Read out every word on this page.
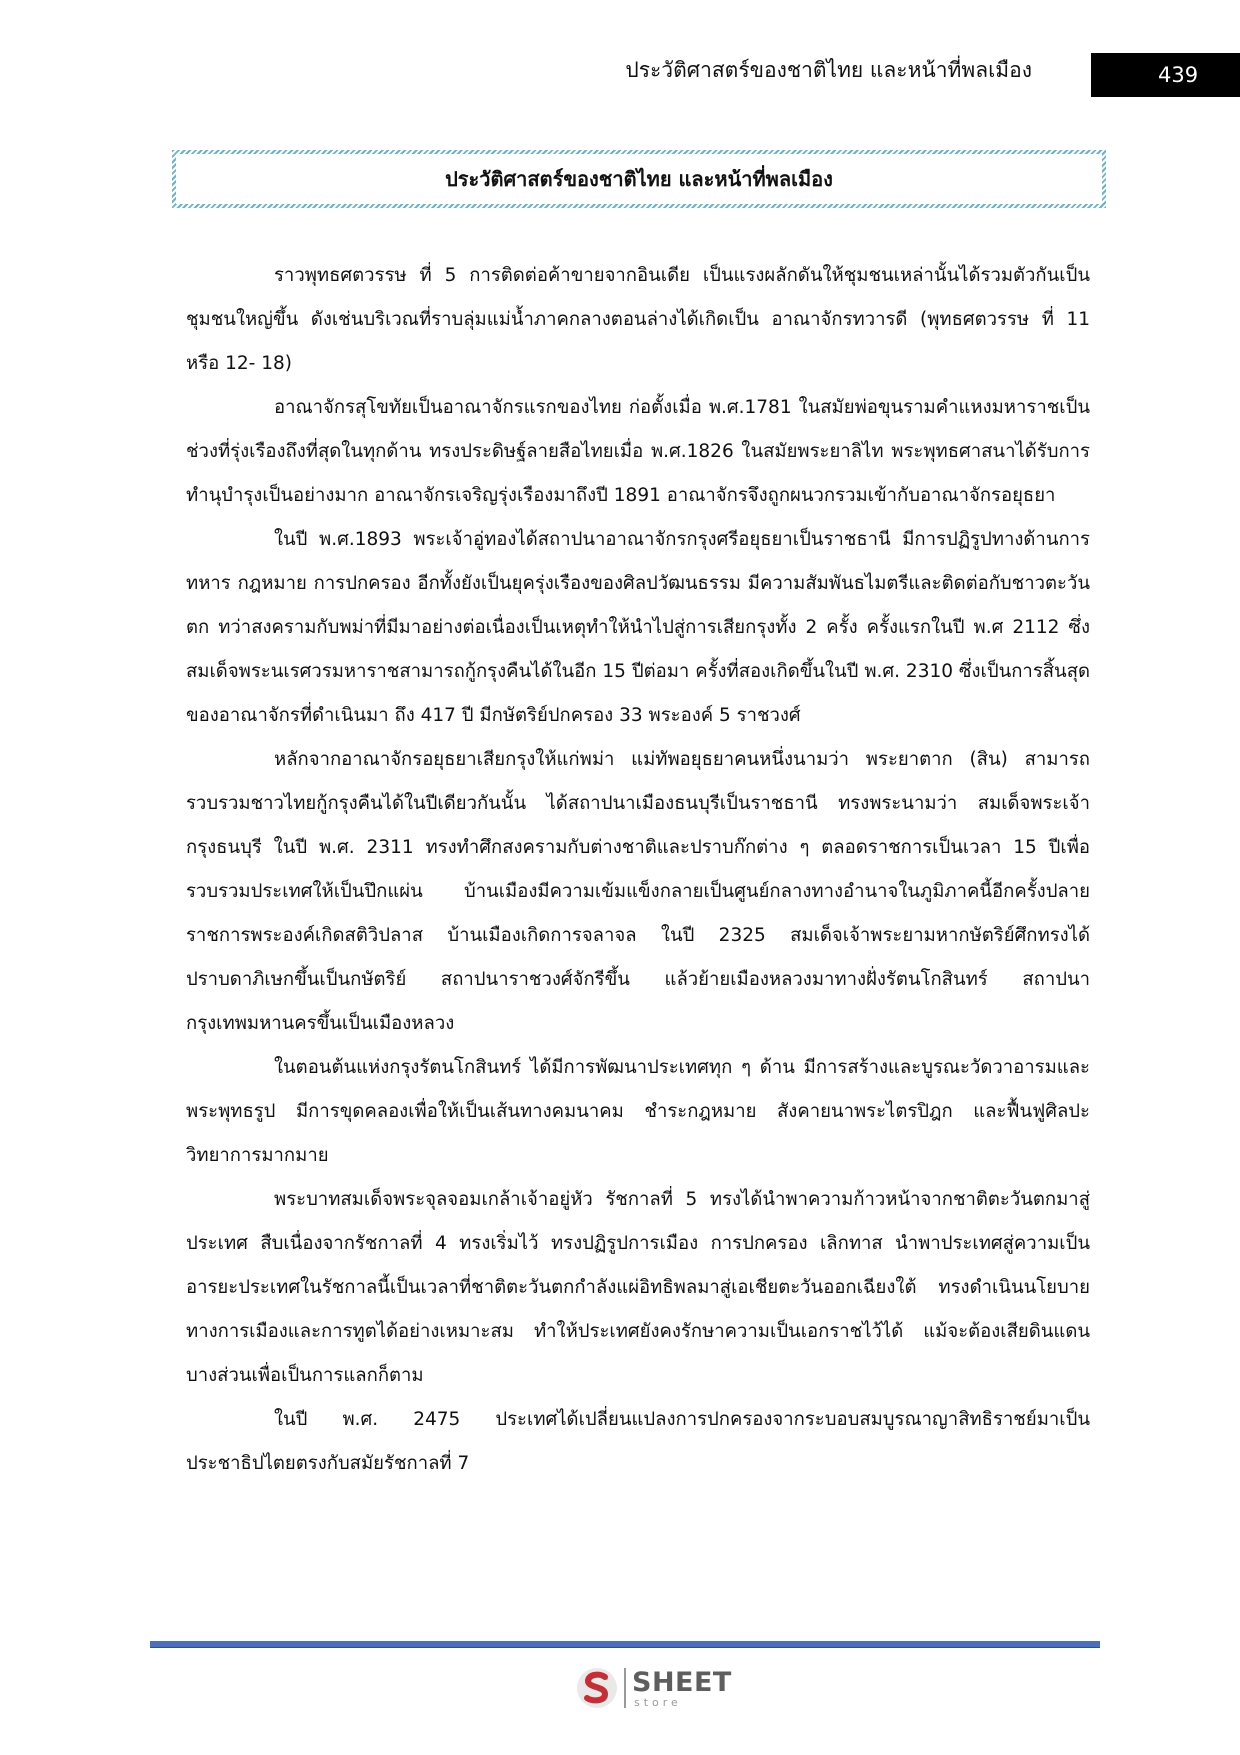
ประวัติศาสตร์ของชาติไทย และหน้าที่พลเมือง	439
ประวัติศาสตร์ของชาติไทย และหน้าที่พลเมือง

ราวพุทธศตวรรษ ที่ 5 การติดต่อค้าขายจากอินเดีย เป็นแรงผลักดันให้ชุมชนเหล่านั้นได้รวมตัวกันเป็นชุมชนใหญ่ขึ้น ดังเช่นบริเวณที่ราบลุ่มแม่น้ำภาคกลางตอนล่างได้เกิดเป็น อาณาจักรทวารดี (พุทธศตวรรษ ที่ 11 หรือ 12- 18)

อาณาจักรสุโขทัยเป็นอาณาจักรแรกของไทย ก่อตั้งเมื่อ พ.ศ.1781 ในสมัยพ่อขุนรามคำแหงมหาราชเป็นช่วงที่รุ่งเรืองถึงที่สุดในทุกด้าน ทรงประดิษฐ์ลายสือไทยเมื่อ พ.ศ.1826 ในสมัยพระยาลิไท พระพุทธศาสนาได้รับการทำนุบำรุงเป็นอย่างมาก อาณาจักรเจริญรุ่งเรืองมาถึงปี 1891 อาณาจักรจึงถูกผนวกรวมเข้ากับอาณาจักรอยุธยา

ในปี พ.ศ.1893 พระเจ้าอู่ทองได้สถาปนาอาณาจักรกรุงศรีอยุธยาเป็นราชธานี มีการปฏิรูปทางด้านการทหาร กฎหมาย การปกครอง อีกทั้งยังเป็นยุครุ่งเรืองของศิลปวัฒนธรรม มีความสัมพันธไมตรีและติดต่อกับชาวตะวันตก ทว่าสงครามกับพม่าที่มีมาอย่างต่อเนื่องเป็นเหตุทำให้นำไปสู่การเสียกรุงทั้ง 2 ครั้ง ครั้งแรกในปี พ.ศ 2112 ซึ่งสมเด็จพระนเรศวรมหาราชสามารถกู้กรุงคืนได้ในอีก 15 ปีต่อมา ครั้งที่สองเกิดขึ้นในปี พ.ศ. 2310 ซึ่งเป็นการสิ้นสุดของอาณาจักรที่ดำเนินมา ถึง 417 ปี มีกษัตริย์ปกครอง 33 พระองค์ 5 ราชวงศ์

หลักจากอาณาจักรอยุธยาเสียกรุงให้แก่พม่า แม่ทัพอยุธยาคนหนึ่งนามว่า พระยาตาก (สิน) สามารถรวบรวมชาวไทยกู้กรุงคืนได้ในปีเดียวกันนั้น ได้สถาปนาเมืองธนบุรีเป็นราชธานี ทรงพระนามว่า สมเด็จพระเจ้ากรุงธนบุรี ในปี พ.ศ. 2311 ทรงทำศึกสงครามกับต่างชาติและปราบก๊กต่าง ๆ ตลอดราชการเป็นเวลา 15 ปีเพื่อรวบรวมประเทศให้เป็นปึกแผ่น บ้านเมืองมีความเข้มแข็งกลายเป็นศูนย์กลางทางอำนาจในภูมิภาคนี้อีกครั้งปลายราชการพระองค์เกิดสติวิปลาส บ้านเมืองเกิดการจลาจล ในปี 2325 สมเด็จเจ้าพระยามหากษัตริย์ศึกทรงได้ปราบดาภิเษกขึ้นเป็นกษัตริย์ สถาปนาราชวงศ์จักรีขึ้น แล้วย้ายเมืองหลวงมาทางฝั่งรัตนโกสินทร์ สถาปนากรุงเทพมหานครขึ้นเป็นเมืองหลวง

ในตอนต้นแห่งกรุงรัตนโกสินทร์ ได้มีการพัฒนาประเทศทุก ๆ ด้าน มีการสร้างและบูรณะวัดวาอารมและพระพุทธรูป มีการขุดคลองเพื่อให้เป็นเส้นทางคมนาคม ชำระกฎหมาย สังคายนาพระไตรปิฎก และฟื้นฟูศิลปะวิทยาการมากมาย

พระบาทสมเด็จพระจุลจอมเกล้าเจ้าอยู่หัว รัชกาลที่ 5 ทรงได้นำพาความก้าวหน้าจากชาติตะวันตกมาสู่ประเทศ สืบเนื่องจากรัชกาลที่ 4 ทรงเริ่มไว้ ทรงปฏิรูปการเมือง การปกครอง เลิกทาส นำพาประเทศสู่ความเป็นอารยะประเทศในรัชกาลนี้เป็นเวลาที่ชาติตะวันตกกำลังแผ่อิทธิพลมาสู่เอเชียตะวันออกเฉียงใต้ ทรงดำเนินนโยบายทางการเมืองและการทูตได้อย่างเหมาะสม ทำให้ประเทศยังคงรักษาความเป็นเอกราชไว้ได้ แม้จะต้องเสียดินแดนบางส่วนเพื่อเป็นการแลกก็ตาม

ในปี พ.ศ. 2475 ประเทศได้เปลี่ยนแปลงการปกครองจากระบอบสมบูรณาญาสิทธิราชย์มาเป็นประชาธิปไตยตรงกับสมัยรัชกาลที่ 7

SHEET
store
